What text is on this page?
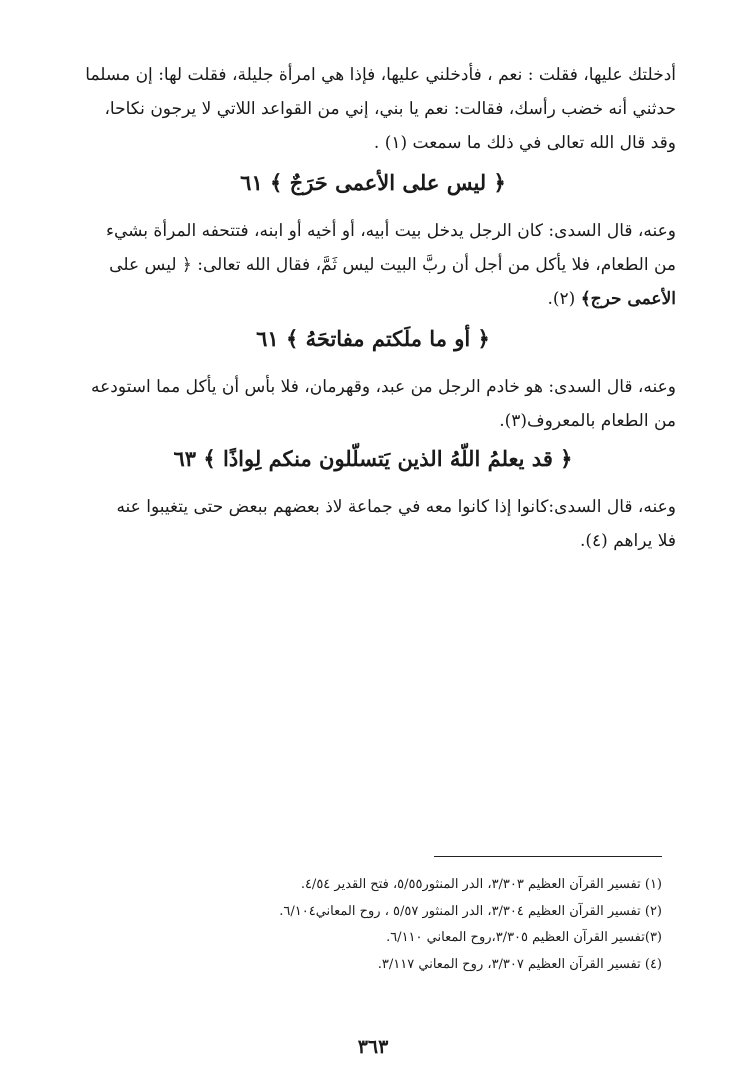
أدخلتك عليها، فقلت : نعم ، فأدخلني عليها، فإذا هي امرأة جليلة، فقلت لها: إن مسلما
حدثني أنه خضب رأسك، فقالت: نعم يا بني، إني من القواعد اللاتي لا يرجون نكاحا،
وقد قال الله تعالى في ذلك ما سمعت (١) .
﴿ ليس على الأعمى حَرَجٌ ﴾ ٦١
وعنه، قال السدى: كان الرجل يدخل بيت أبيه، أو أخيه أو ابنه، فتتحفه المرأة بشيء
من الطعام، فلا يأكل من أجل أن ربَّ البيت ليس ثَمَّ، فقال الله تعالى: ﴿ ليس على
الأعمى حرج﴾ (٢).
﴿ أو ما ملَكتم مفاتحَهُ ﴾ ٦١
وعنه، قال السدى: هو خادم الرجل من عبد، وقهرمان، فلا بأس أن يأكل مما استودعه
من الطعام بالمعروف(٣).
﴿ قد يعلمُ اللّهُ الذين يَتسلّلون منكم لِواذًا ﴾ ٦٣
وعنه، قال السدى:كانوا إذا كانوا معه في جماعة لاذ بعضهم ببعض حتى يتغيبوا عنه
فلا يراهم (٤).
(١) تفسير القرآن العظيم ٣/٣٠٣، الدر المنثور٥/٥٥، فتح القدير ٤/٥٤.
(٢) تفسير القرآن العظيم ٣/٣٠٤، الدر المنثور ٥/٥٧ ، روح المعاني٦/١٠٤.
(٣)تفسير القرآن العظيم ٣/٣٠٥،روح المعاني ٦/١١٠.
(٤) تفسير القرآن العظيم ٣/٣٠٧، روح المعاني ٣/١١٧.
٣٦٣
